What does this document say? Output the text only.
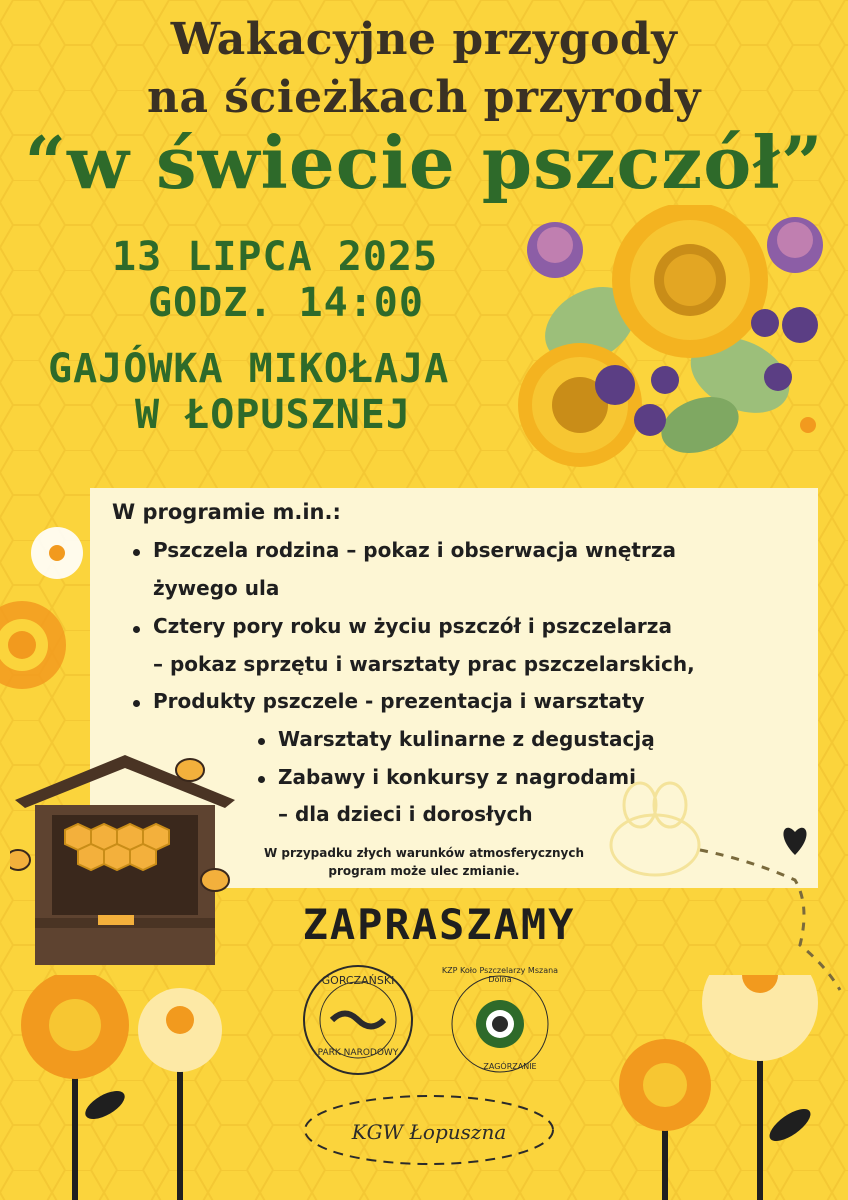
Wakacyjne przygody
na ścieżkach przyrody
“w świecie pszczół”
13 LIPCA 2025
GODZ. 14:00
GAJÓWKA MIKOŁAJA
W ŁOPUSZNEJ
W programie m.in.:
Pszczela rodzina – pokaz i obserwacja wnętrza
żywego ula
Cztery pory roku w życiu pszczół i pszczelarza
– pokaz sprzętu i warsztaty prac pszczelarskich,
Produkty pszczele - prezentacja i warsztaty
Warsztaty kulinarne z degustacją
Zabawy i konkursy z nagrodami
– dla dzieci i dorosłych
W przypadku złych warunków atmosferycznych
program może ulec zmianie.
ZAPRASZAMY
GORCZAŃSKI
PARK NARODOWY
KZP Koło Pszczelarzy Mszana Dolna
ZAGÓRZANIE
KGW Łopuszna
